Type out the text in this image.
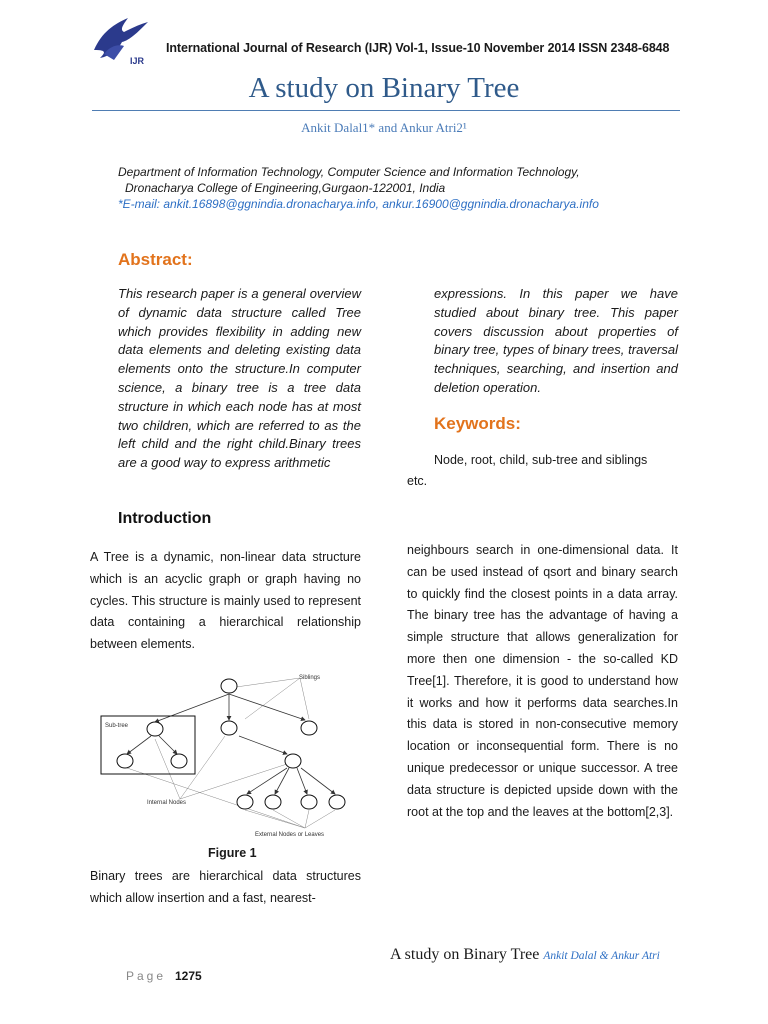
IJR
International Journal of Research (IJR) Vol-1, Issue-10 November 2014 ISSN 2348-6848
A study on Binary Tree
Ankit Dalal1* and Ankur Atri2¹
Department of Information Technology, Computer Science and Information Technology,
Dronacharya College of Engineering,Gurgaon-122001, India
*E-mail: ankit.16898@ggnindia.dronacharya.info, ankur.16900@ggnindia.dronacharya.info
Abstract:
This research paper is a general overview of dynamic data structure called Tree which provides flexibility in adding new data elements and deleting existing data elements onto the structure.In computer science, a binary tree is a tree data structure in which each node has at most two children, which are referred to as the left child and the right child.Binary trees are a good way to express arithmetic
expressions. In this paper we have studied about binary tree. This paper covers discussion about properties of binary tree, types of binary trees, traversal techniques, searching, and insertion and deletion operation.
Keywords:
Node, root, child, sub-tree and siblings
etc.
Introduction
A Tree is a dynamic, non-linear data structure which is an acyclic graph or graph having no cycles. This structure is mainly used to represent data containing a hierarchical relationship between elements.
neighbours search in one-dimensional data. It can be used instead of qsort and binary search to quickly find the closest points in a data array. The binary tree has the advantage of having a simple structure that allows generalization for more then one dimension - the so-called KD Tree[1]. Therefore, it is good to understand how it works and how it performs data searches.In this data is stored in non-consecutive memory location or inconsequential form. There is no unique predecessor or unique successor. A tree data structure is depicted upside down with the root at the top and the leaves at the bottom[2,3].
Binary trees are hierarchical data structures which allow insertion and a fast, nearest-
Siblings
Sub-tree
Internal Nodes
External Nodes or Leaves
Figure 1
A study on Binary Tree Ankit Dalal & Ankur Atri
Page 1275
